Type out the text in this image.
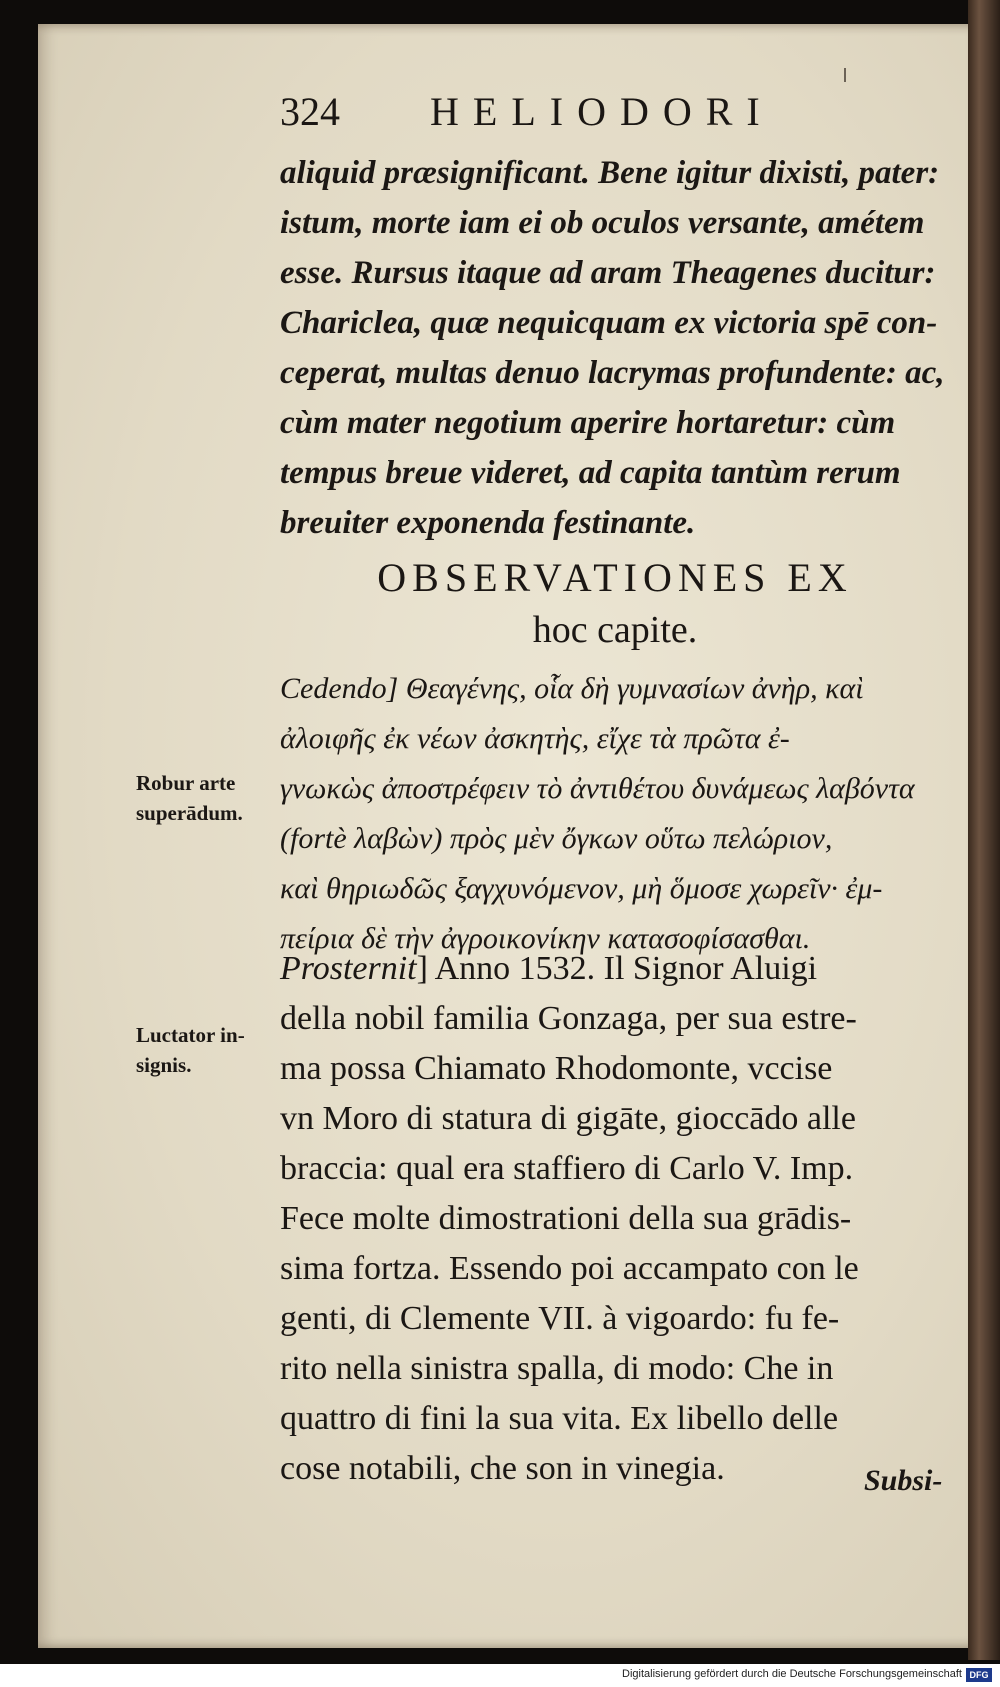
324 HELIODORI
aliquid præsignificant. Bene igitur dixisti, pater:
istum, morte iam ei ob oculos versante, amétem
esse. Rursus itaque ad aram Theagenes ducitur:
Chariclea, quæ nequicquam ex victoria spē con-
ceperat, multas denuo lacrymas profundente: ac,
cùm mater negotium aperire hortaretur: cùm
tempus breue videret, ad capita tantùm rerum
breuiter exponenda festinante.
OBSERVATIONES EX
hoc capite.
Cedendo] Θεαγένης, οἷα δὴ γυμνασίων ἀνὴρ, καὶ
ἀλοιφῆς ἐκ νέων ἀσκητὴς, εἴχε τὰ πρῶτα ἐ-
γνωκὼς ἀποστρέφειν τὸ ἀντιθέτου δυνάμεως λαβόντα
(fortè λαβὼν) πρὸς μὲν ὄγκων οὕτω πελώριον,
καὶ θηριωδῶς ξαγχυνόμενον, μὴ ὅμοσε χωρεῖν· ἐμ-
πείρια δὲ τὴν ἀγροικονίκην κατασοφίσασθαι.
Robur arte
superādum.
Prosternit] Anno 1532. Il Signor Aluigi
della nobil familia Gonzaga, per sua estre-
ma possa Chiamato Rhodomonte, vccise
vn Moro di statura di gigāte, gioccādo alle
braccia: qual era staffiero di Carlo V. Imp.
Fece molte dimostrationi della sua grādis-
sima fortza. Essendo poi accampato con le
genti, di Clemente VII. à vigoardo: fu fe-
rito nella sinistra spalla, di modo: Che in
quattro di fini la sua vita. Ex libello delle
cose notabili, che son in vinegia.
Luctator in-
signis.
Subsi-
Digitalisierung gefördert durch die Deutsche Forschungsgemeinschaft DFG
